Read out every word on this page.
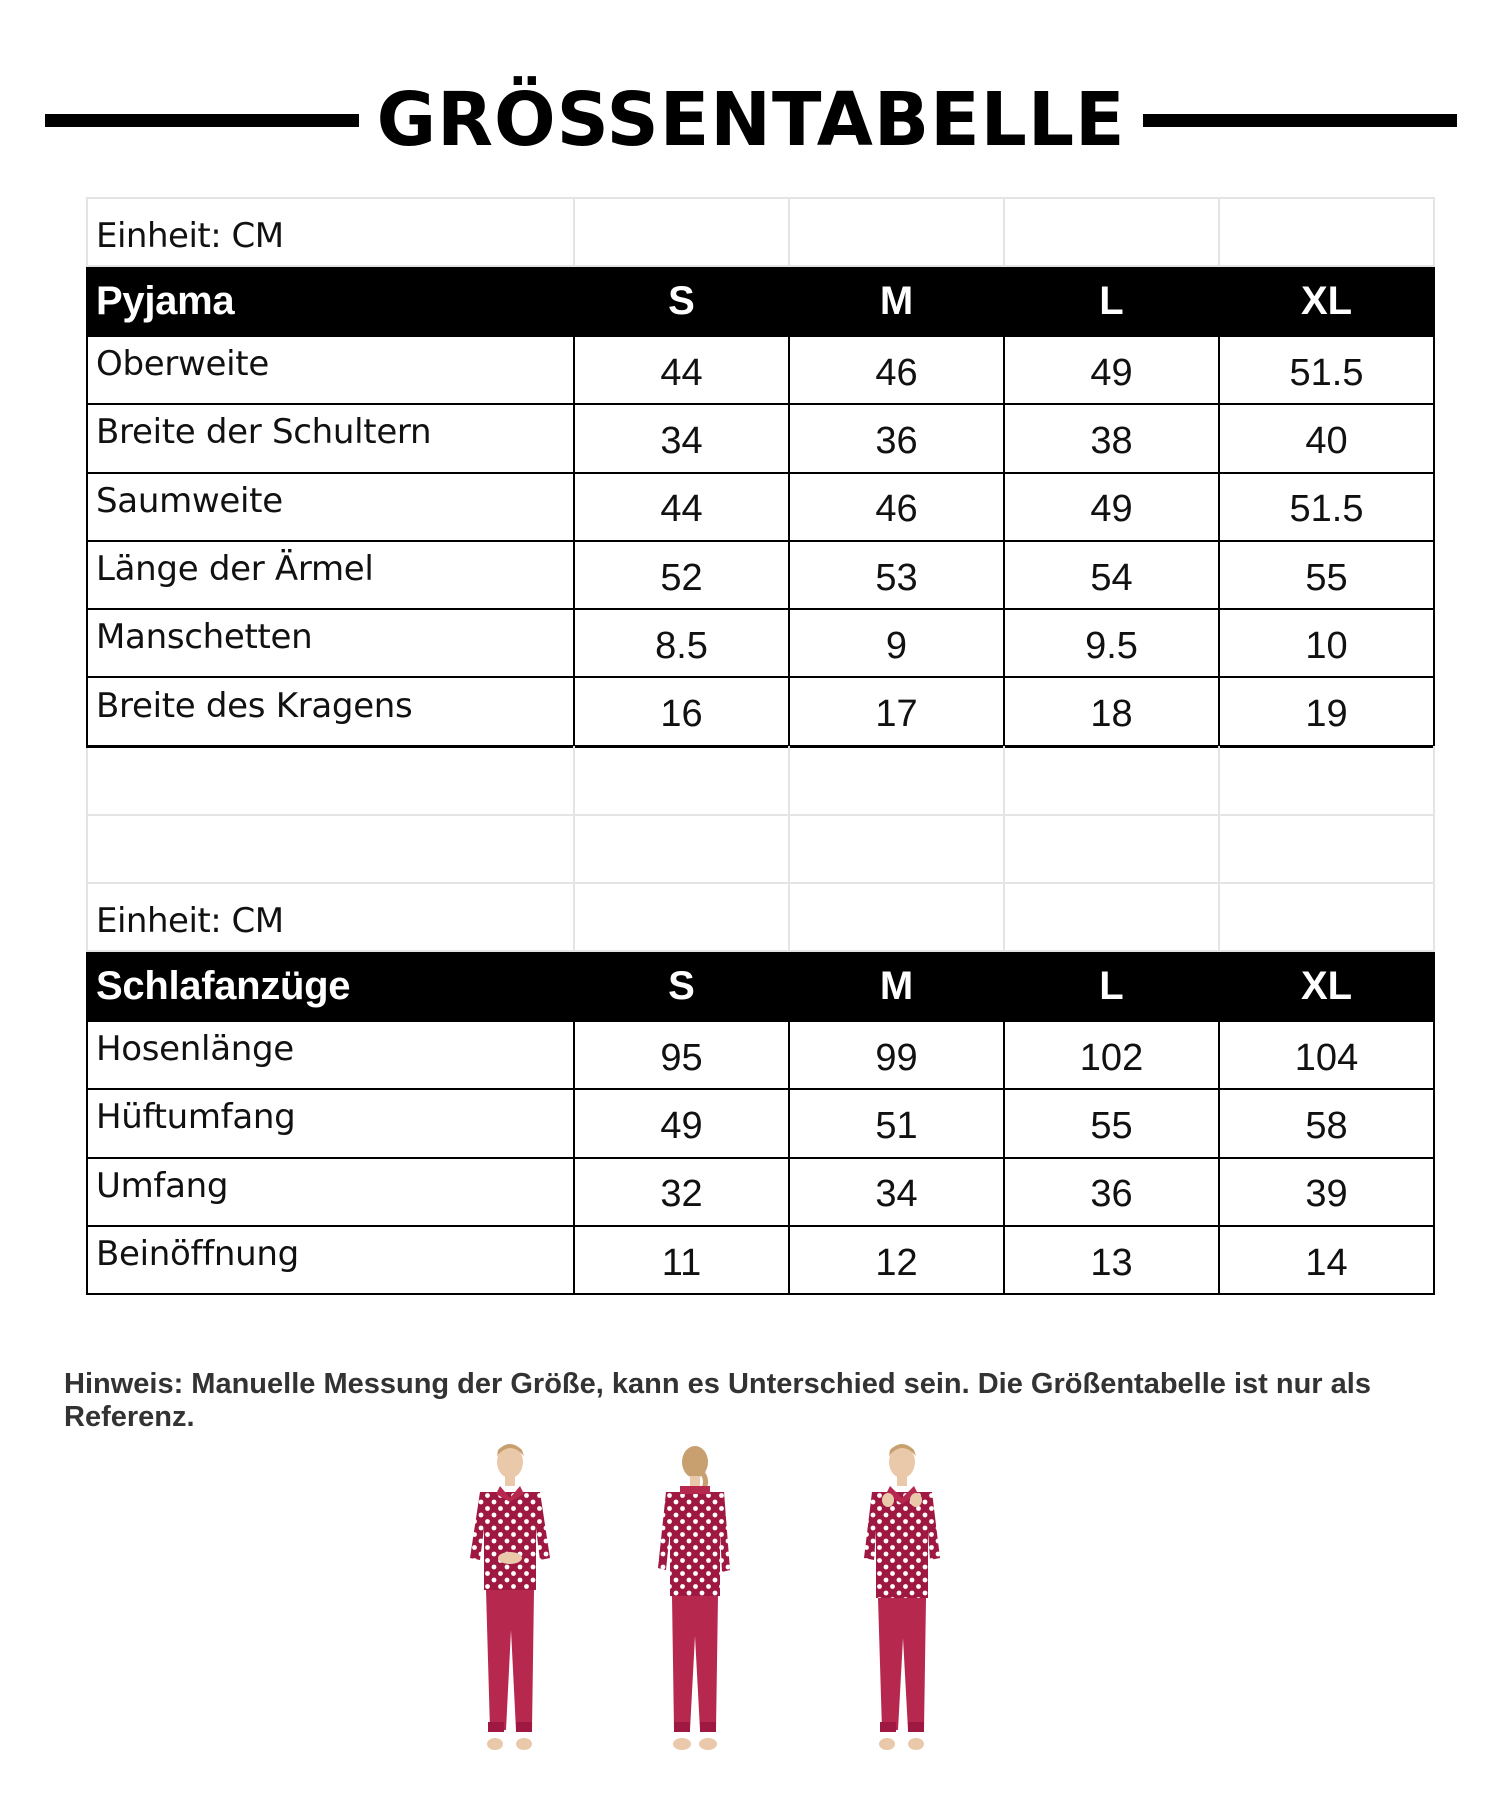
GRÖSSENTABELLE
Einheit: CM				
Pyjama	S	M	L	XL
Oberweite	44	46	49	51.5
Breite der Schultern	34	36	38	40
Saumweite	44	46	49	51.5
Länge der Ärmel	52	53	54	55
Manschetten	8.5	9	9.5	10
Breite des Kragens	16	17	18	19

Einheit: CM				
Schlafanzüge	S	M	L	XL
Hosenlänge	95	99	102	104
Hüftumfang	49	51	55	58
Umfang	32	34	36	39
Beinöffnung	11	12	13	14
Hinweis: Manuelle Messung der Größe, kann es Unterschied sein. Die Größentabelle ist nur als Referenz.
